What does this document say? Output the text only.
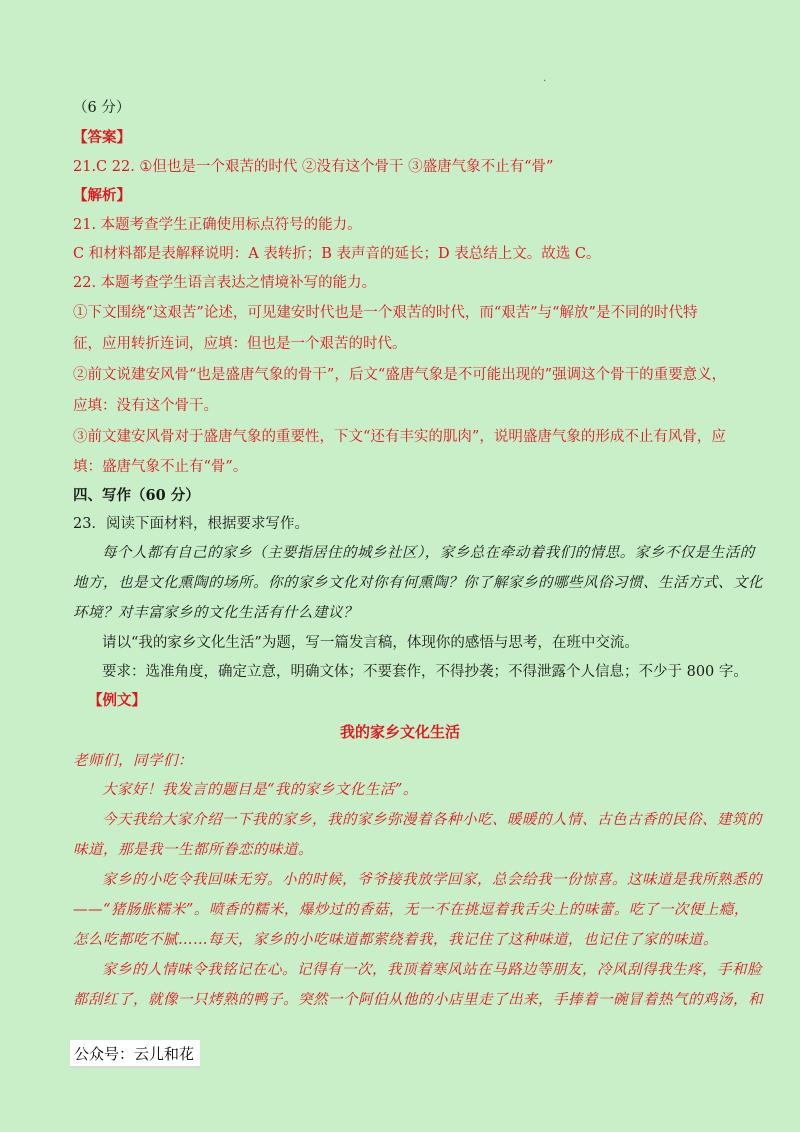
·
（6 分）
【答案】
21.C 22. ①但也是一个艰苦的时代 ②没有这个骨干 ③盛唐气象不止有“骨”
【解析】
21. 本题考查学生正确使用标点符号的能力。
C 和材料都是表解释说明：A 表转折；B 表声音的延长；D 表总结上文。故选 C。
22. 本题考查学生语言表达之情境补写的能力。
①下文围绕“这艰苦”论述，可见建安时代也是一个艰苦的时代，而“艰苦”与“解放”是不同的时代特
征，应用转折连词，应填：但也是一个艰苦的时代。
②前文说建安风骨“也是盛唐气象的骨干”，后文“盛唐气象是不可能出现的”强调这个骨干的重要意义，
应填：没有这个骨干。
③前文建安风骨对于盛唐气象的重要性，下文“还有丰实的肌肉”，说明盛唐气象的形成不止有风骨，应
填：盛唐气象不止有“骨”。
四、写作（60 分）
23．阅读下面材料，根据要求写作。
每个人都有自己的家乡（主要指居住的城乡社区），家乡总在牵动着我们的情思。家乡不仅是生活的
地方，也是文化熏陶的场所。你的家乡文化对你有何熏陶？你了解家乡的哪些风俗习惯、生活方式、文化
环境？对丰富家乡的文化生活有什么建议？
请以“我的家乡文化生活”为题，写一篇发言稿，体现你的感悟与思考，在班中交流。
要求：选准角度，确定立意，明确文体；不要套作，不得抄袭；不得泄露个人信息；不少于 800 字。
【例文】
我的家乡文化生活
老师们，同学们：
大家好！我发言的题目是“我的家乡文化生活”。
今天我给大家介绍一下我的家乡，我的家乡弥漫着各种小吃、暖暖的人情、古色古香的民俗、建筑的
味道，那是我一生都所眷恋的味道。
家乡的小吃令我回味无穷。小的时候，爷爷接我放学回家，总会给我一份惊喜。这味道是我所熟悉的
——“猪肠胀糯米”。喷香的糯米，爆炒过的香菇，无一不在挑逗着我舌尖上的味蕾。吃了一次便上瘾，
怎么吃都吃不腻……每天，家乡的小吃味道都萦绕着我，我记住了这种味道，也记住了家的味道。
家乡的人情味令我铭记在心。记得有一次，我顶着寒风站在马路边等朋友，冷风刮得我生疼，手和脸
都刮红了，就像一只烤熟的鸭子。突然一个阿伯从他的小店里走了出来，手捧着一碗冒着热气的鸡汤，和
公众号：云儿和花
